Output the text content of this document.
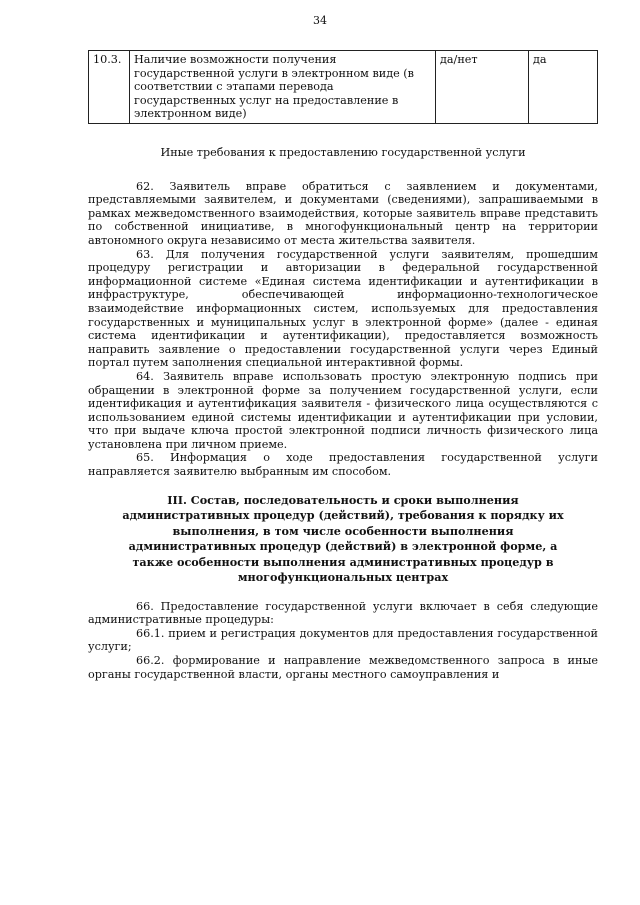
34
10.3.	Наличие возможности получения государственной услуги в электронном виде (в соответствии с этапами перевода государственных услуг на предоставление в электронном виде)	да/нет	да

Иные требования к предоставлению государственной услуги

62. Заявитель вправе обратиться с заявлением и документами, представляемыми заявителем, и документами (сведениями), запрашиваемыми в рамках межведомственного взаимодействия, которые заявитель вправе представить по собственной инициативе, в многофункциональный центр на территории автономного округа независимо от места жительства заявителя.

63. Для получения государственной услуги заявителям, прошедшим процедуру регистрации и авторизации в федеральной государственной информационной системе «Единая система идентификации и аутентификации в инфраструктуре, обеспечивающей информационно-технологическое взаимодействие информационных систем, используемых для предоставления государственных и муниципальных услуг в электронной форме» (далее - единая система идентификации и аутентификации), предоставляется возможность направить заявление о предоставлении государственной услуги через Единый портал путем заполнения специальной интерактивной формы.

64. Заявитель вправе использовать простую электронную подпись при обращении в электронной форме за получением государственной услуги, если идентификация и аутентификация заявителя - физического лица осуществляются с использованием единой системы идентификации и аутентификации при условии, что при выдаче ключа простой электронной подписи личность физического лица установлена при личном приеме.

65. Информация о ходе предоставления государственной услуги направляется заявителю выбранным им способом.

III. Состав, последовательность и сроки выполнения административных процедур (действий), требования к порядку их выполнения, в том числе особенности выполнения административных процедур (действий) в электронной форме, а также особенности выполнения административных процедур в многофункциональных центрах

66. Предоставление государственной услуги включает в себя следующие административные процедуры:

66.1. прием и регистрация документов для предоставления государственной услуги;

66.2. формирование и направление межведомственного запроса в иные органы государственной власти, органы местного самоуправления и
